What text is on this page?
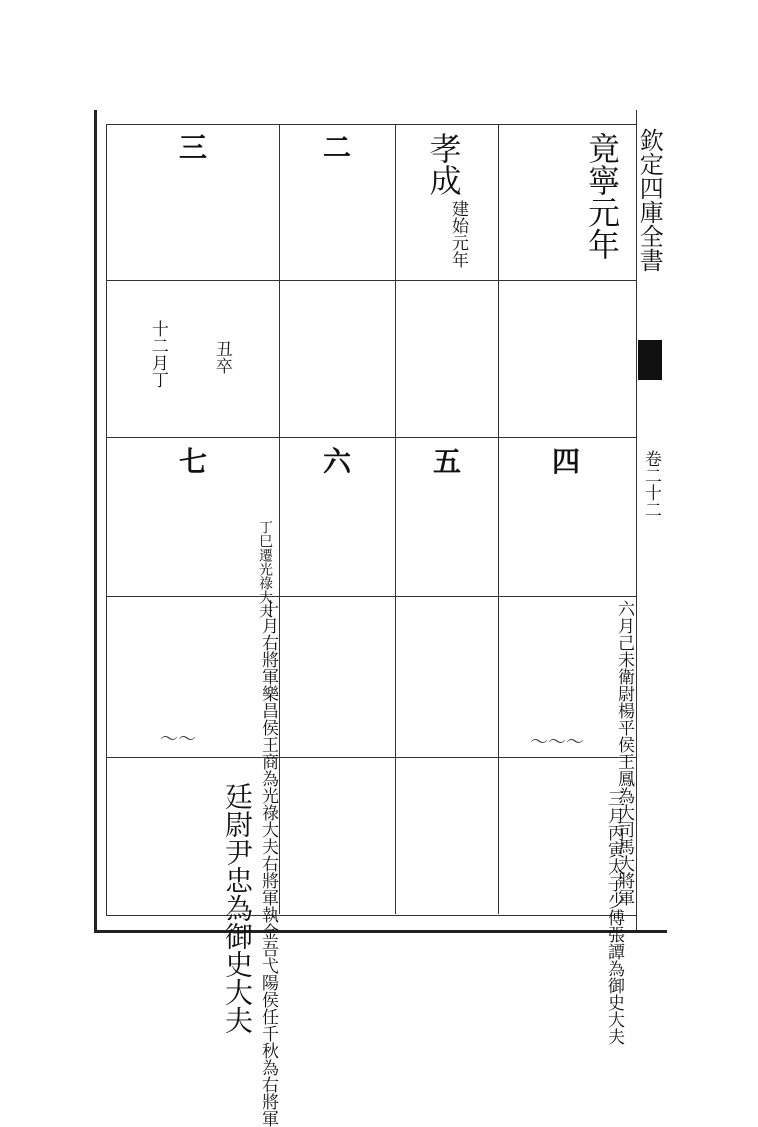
欽定四庫全書
卷二十二
竟寧元年
孝成
建始元年
二
三
十二月丁	丑卒
四
五
六
七
丁巳遷光祿大夫
六月己未衛尉楊平侯王鳳為大司馬大將軍
十月右將軍樂昌侯王商為光祿大夫右將軍執金吾弋陽侯任千秋為右將軍	〜〜〜
〜〜
三月丙寅太子少傅張譚為御史大夫
廷尉尹忠為御史大夫
